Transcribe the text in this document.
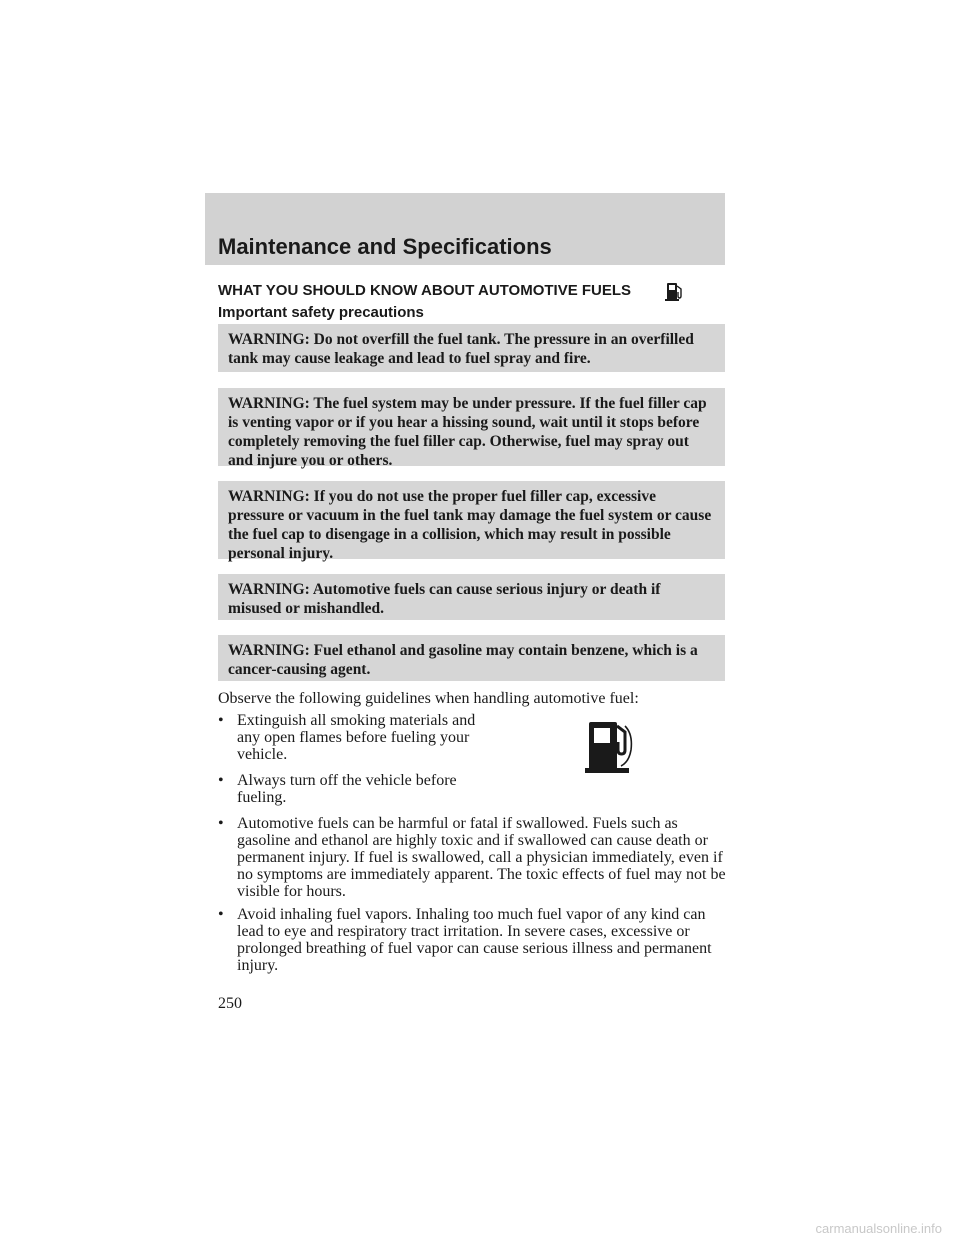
Maintenance and Specifications
WHAT YOU SHOULD KNOW ABOUT AUTOMOTIVE FUELS
Important safety precautions
WARNING: Do not overfill the fuel tank. The pressure in an overfilled tank may cause leakage and lead to fuel spray and fire.
WARNING: The fuel system may be under pressure. If the fuel filler cap is venting vapor or if you hear a hissing sound, wait until it stops before completely removing the fuel filler cap. Otherwise, fuel may spray out and injure you or others.
WARNING: If you do not use the proper fuel filler cap, excessive pressure or vacuum in the fuel tank may damage the fuel system or cause the fuel cap to disengage in a collision, which may result in possible personal injury.
WARNING: Automotive fuels can cause serious injury or death if misused or mishandled.
WARNING: Fuel ethanol and gasoline may contain benzene, which is a cancer-causing agent.
Observe the following guidelines when handling automotive fuel:
• Extinguish all smoking materials and any open flames before fueling your vehicle.
• Always turn off the vehicle before fueling.
• Automotive fuels can be harmful or fatal if swallowed. Fuels such as gasoline and ethanol are highly toxic and if swallowed can cause death or permanent injury. If fuel is swallowed, call a physician immediately, even if no symptoms are immediately apparent. The toxic effects of fuel may not be visible for hours.
• Avoid inhaling fuel vapors. Inhaling too much fuel vapor of any kind can lead to eye and respiratory tract irritation. In severe cases, excessive or prolonged breathing of fuel vapor can cause serious illness and permanent injury.
250
carmanualsonline.info
